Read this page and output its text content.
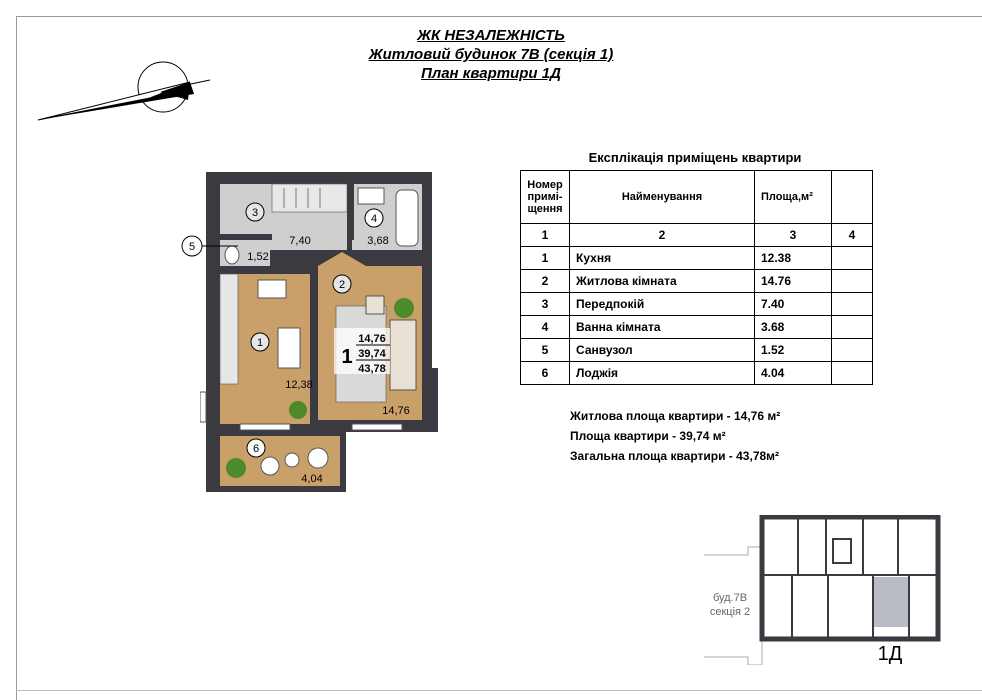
ЖК НЕЗАЛЕЖНІСТЬ
Житловий будинок 7В (секція 1)
План квартири 1Д
3	4
2
1
6
7,40	3,68
1,52
12,38
14,76
4,04
1
14,76
39,74
43,78
5
Експлікація приміщень квартири
Номер примі-щення	Найменування	Площа,м²	
1	2	3	4
1	Кухня	12.38	
2	Житлова кімната	14.76	
3	Передпокій	7.40	
4	Ванна кімната	3.68	
5	Санвузол	1.52	
6	Лоджія	4.04	
Житлова площа квартири - 14,76 м²
Площа квартири - 39,74 м²
Загальна площа квартири - 43,78м²
буд.7В
секція 2
1Д
